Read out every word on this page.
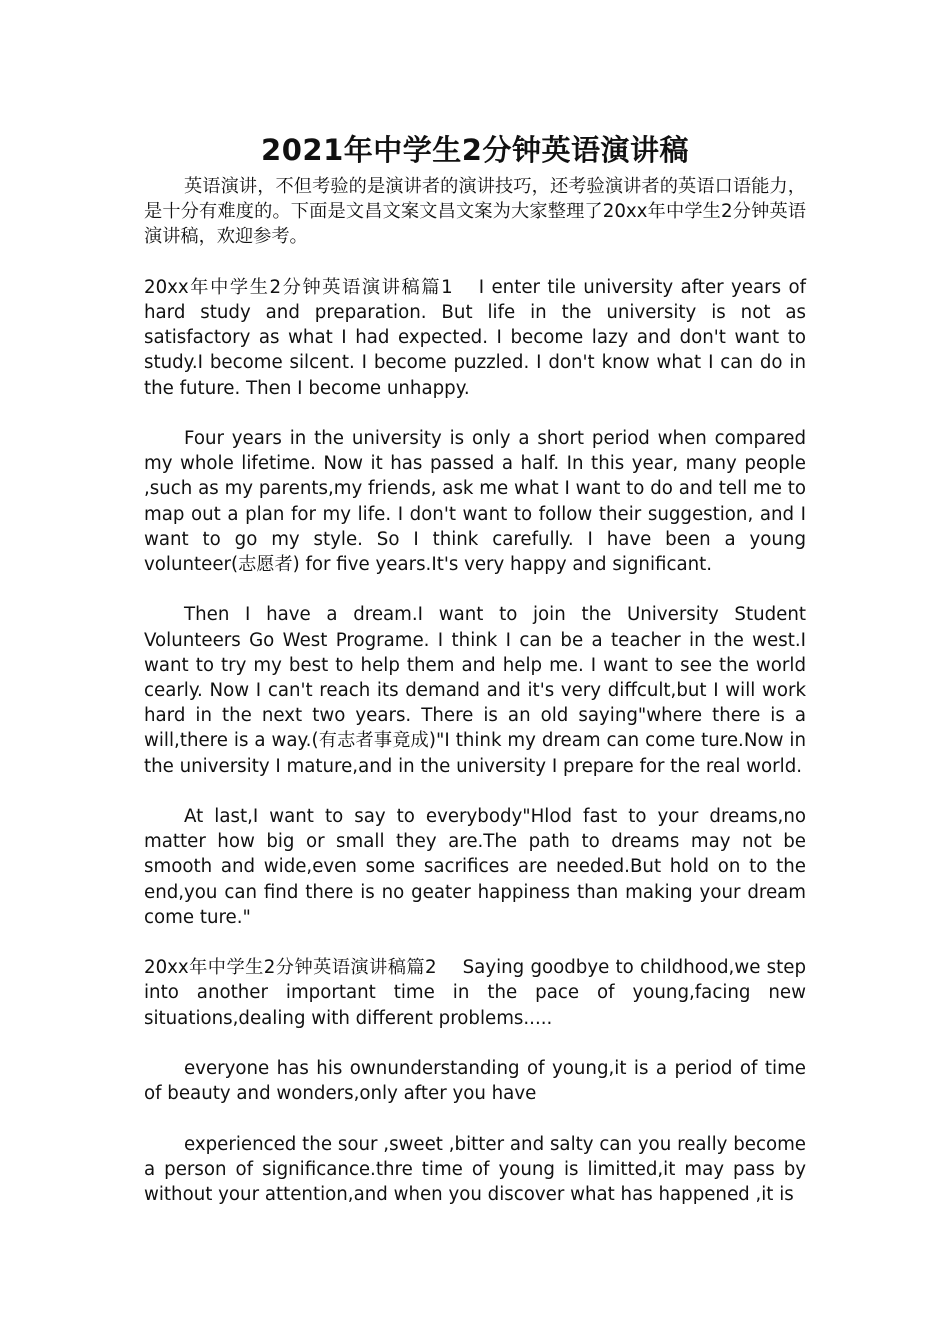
2021年中学生2分钟英语演讲稿

英语演讲，不但考验的是演讲者的演讲技巧，还考验演讲者的英语口语能力，是十分有难度的。下面是文昌文案文昌文案为大家整理了20xx年中学生2分钟英语演讲稿，欢迎参考。

20xx年中学生2分钟英语演讲稿篇1 I enter tile university after years of hard study and preparation. But life in the university is not as satisfactory as what I had expected. I become lazy and don't want to study.I become silcent. I become puzzled. I don't know what I can do in the future. Then I become unhappy.

Four years in the university is only a short period when compared my whole lifetime. Now it has passed a half. In this year, many people ,such as my parents,my friends, ask me what I want to do and tell me to map out a plan for my life. I don't want to follow their suggestion, and I want to go my style. So I think carefully. I have been a young volunteer(志愿者) for five years.It's very happy and significant.

Then I have a dream.I want to join the University Student Volunteers Go West Programe. I think I can be a teacher in the west.I want to try my best to help them and help me. I want to see the world cearly. Now I can't reach its demand and it's very diffcult,but I will work hard in the next two years. There is an old saying"where there is a will,there is a way.(有志者事竟成)"I think my dream can come ture.Now in the university I mature,and in the university I prepare for the real world.

At last,I want to say to everybody"Hlod fast to your dreams,no matter how big or small they are.The path to dreams may not be smooth and wide,even some sacrifices are needed.But hold on to the end,you can find there is no geater happiness than making your dream come ture."

20xx年中学生2分钟英语演讲稿篇2 Saying goodbye to childhood,we step into another important time in the pace of young,facing new situations,dealing with different problems.....

everyone has his ownunderstanding of young,it is a period of time of beauty and wonders,only after you have

experienced the sour ,sweet ,bitter and salty can you really become a person of significance.thre time of young is limitted,it may pass by without your attention,and when you discover what has happened ,it is
